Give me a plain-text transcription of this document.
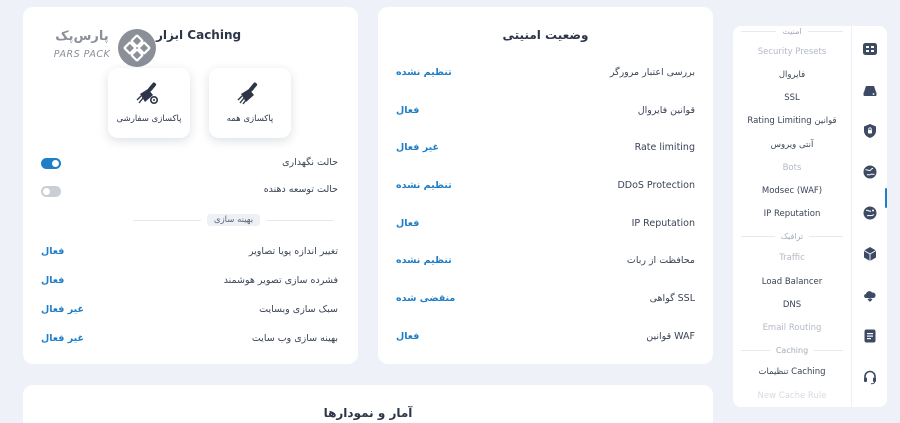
امنیت
Security Presets
فایروال
SSL
Rating Limiting قوانین
آنتی ویروس
Bots
Modsec (WAF)
IP Reputation
ترافیک
Traffic
Load Balancer
DNS
Email Routing
Caching
تنظیمات Caching
New Cache Rule
وضعیت امنیتی
تنظیم نشده	بررسی اعتبار مرورگر
فعال	قوانین فایروال
غیر فعال	Rate limiting
تنظیم نشده	DDoS Protection
فعال	IP Reputation
تنظیم نشده	محافظت از ربات
منقضی شده	گواهی SSL
فعال	قوانین WAF
ابزار Caching
پارس‌پک
PARS PACK
پاکسازی همه
پاکسازی سفارشی
حالت نگهداری
حالت توسعه دهنده
بهینه سازی
فعال	تغییر اندازه پویا تصاویر
فعال	فشرده سازی تصویر هوشمند
غیر فعال	سبک سازی وبسایت
غیر فعال	بهینه سازی وب سایت
آمار و نمودارها
